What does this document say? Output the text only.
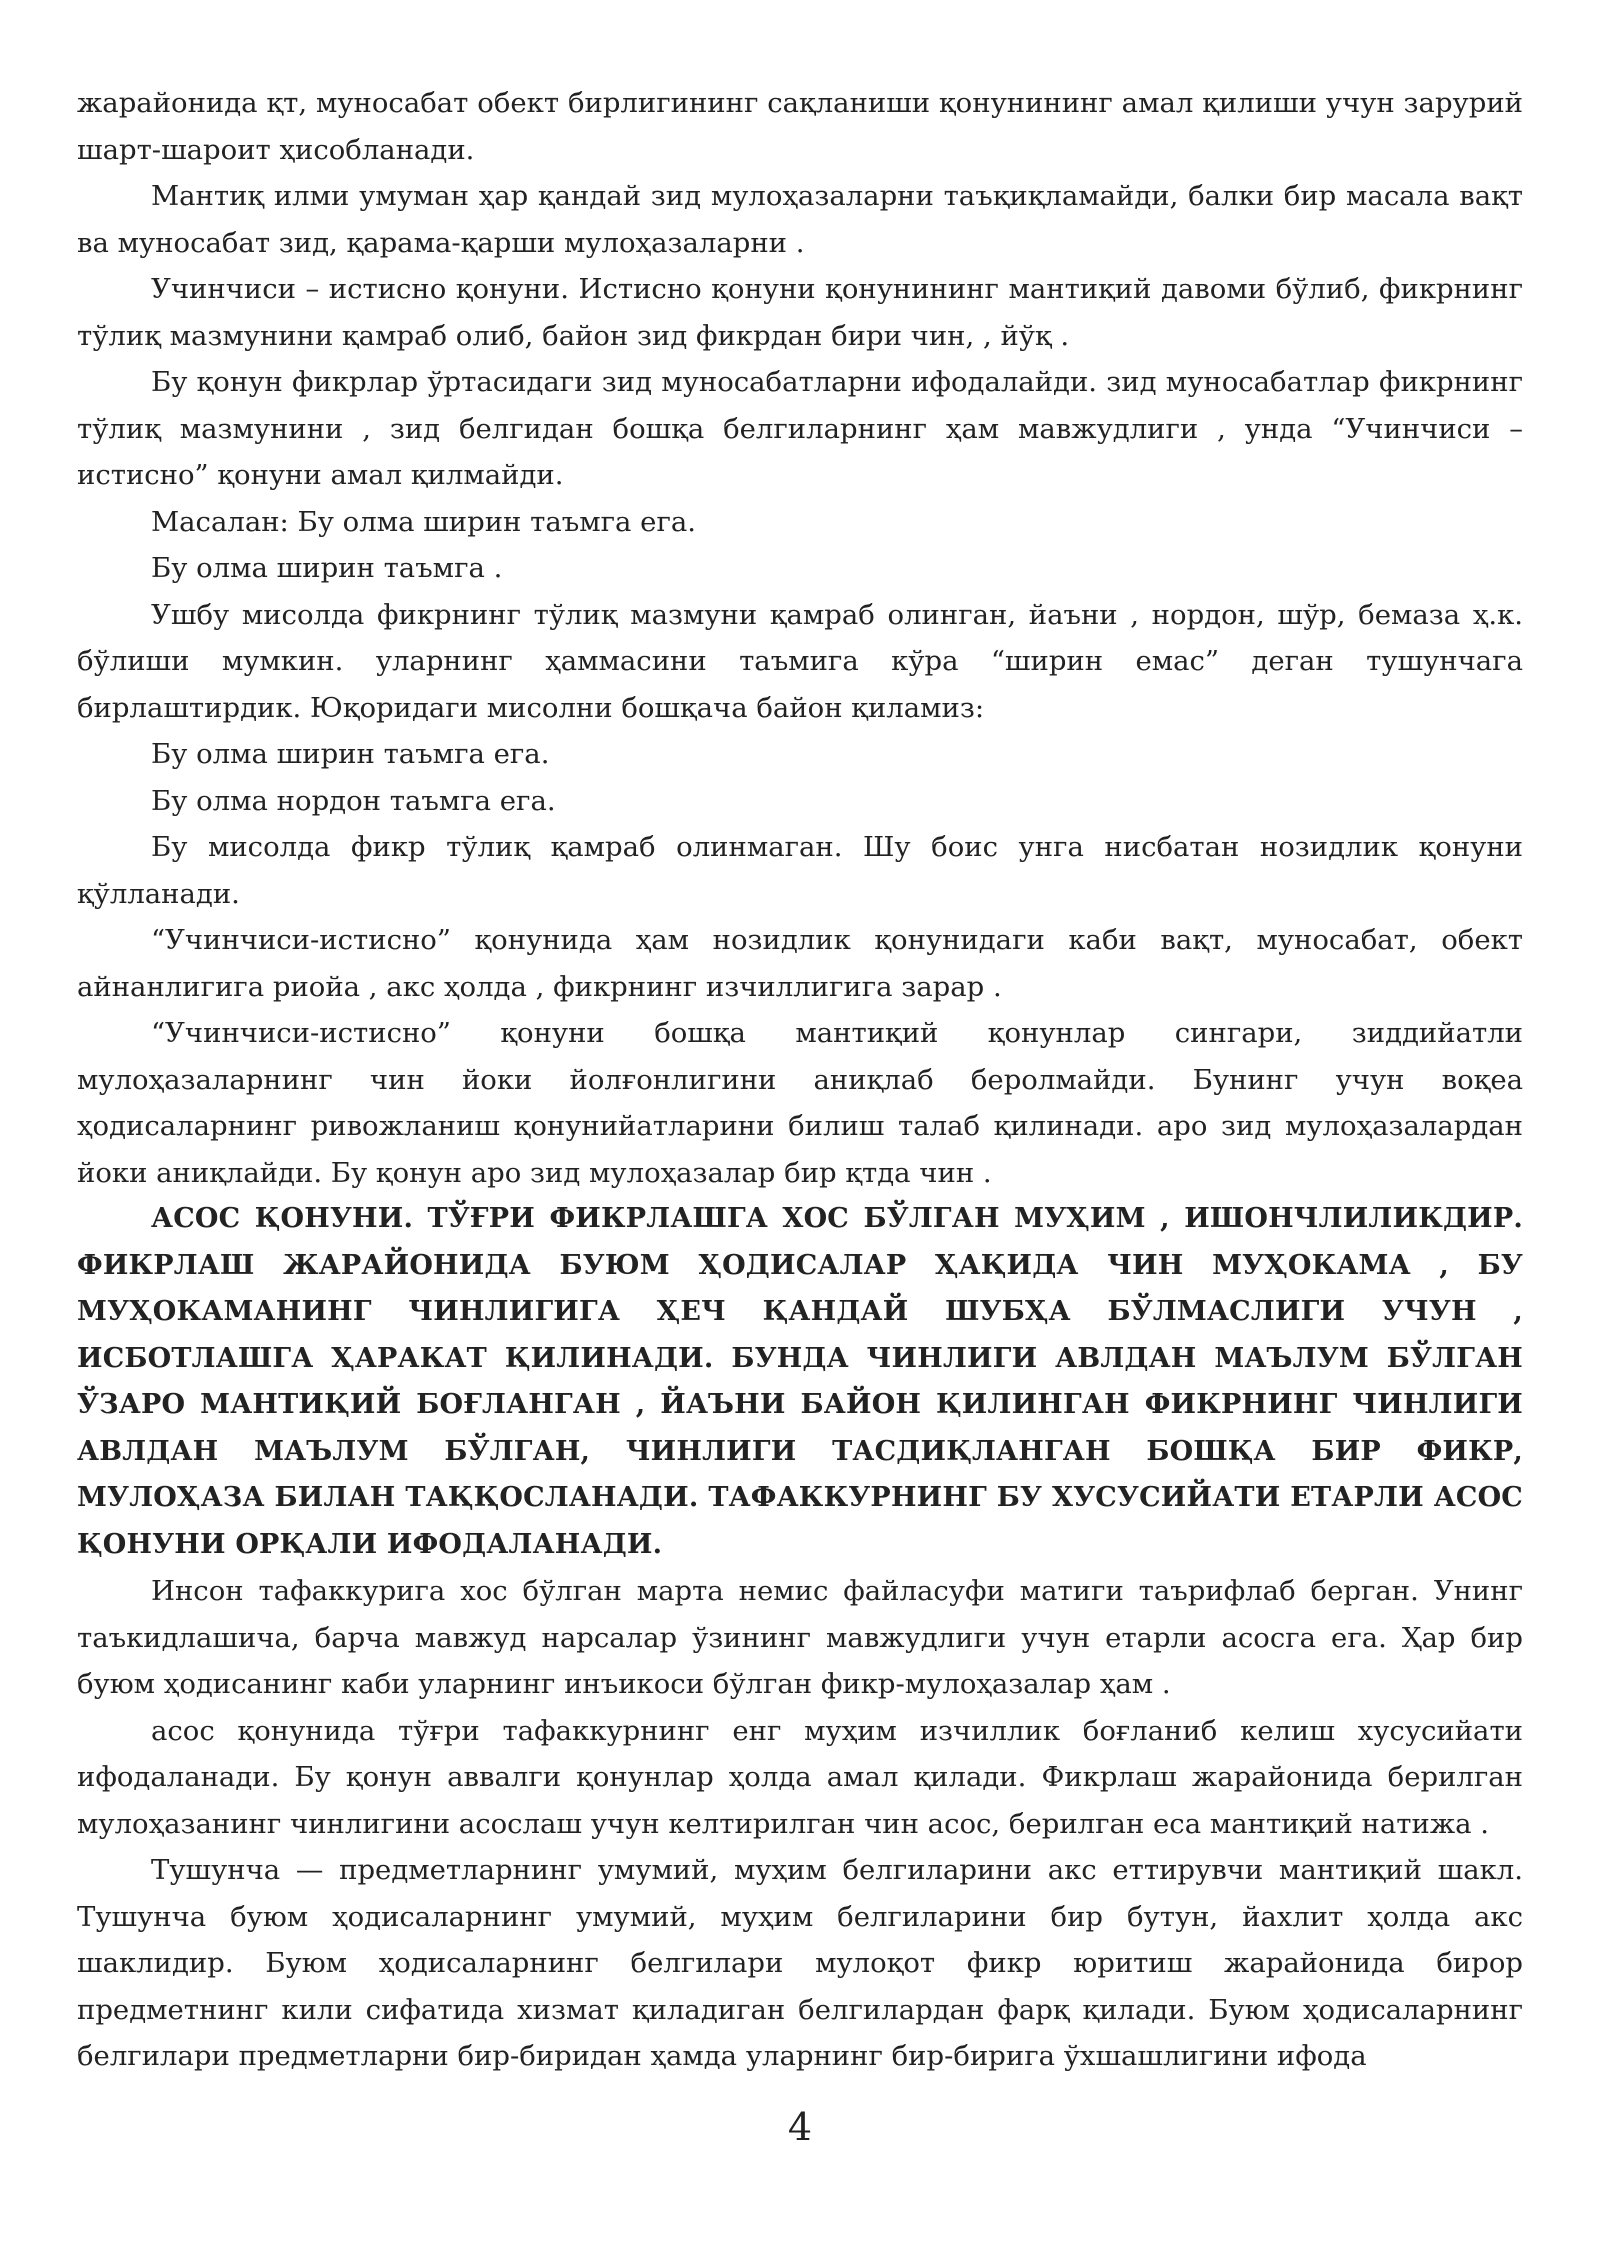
жарайонида қт, муносабат обект бирлигининг сақланиши қонунининг амал қилиши учун зарурий шарт-шароит ҳисобланади.

Мантиқ илми умуман ҳар қандай зид мулоҳазаларни таъқиқламайди, балки бир масала вақт ва муносабат зид, қарама-қарши мулоҳазаларни .

Учинчиси – истисно қонуни. Истисно қонуни қонунининг мантиқий давоми бўлиб, фикрнинг тўлиқ мазмунини қамраб олиб, байон зид фикрдан бири чин, , йўқ .

Бу қонун фикрлар ўртасидаги зид муносабатларни ифодалайди. зид муносабатлар фикрнинг тўлиқ мазмунини , зид белгидан бошқа белгиларнинг ҳам мавжудлиги , унда “Учинчиси – истисно” қонуни амал қилмайди.

Масалан: Бу олма ширин таъмга ега.

Бу олма ширин таъмга .

Ушбу мисолда фикрнинг тўлиқ мазмуни қамраб олинган, йаъни , нордон, шўр, бемаза ҳ.к. бўлиши мумкин. уларнинг ҳаммасини таъмига кўра “ширин емас” деган тушунчага бирлаштирдик. Юқоридаги мисолни бошқача байон қиламиз:

Бу олма ширин таъмга ега.

Бу олма нордон таъмга ега.

Бу мисолда фикр тўлиқ қамраб олинмаган. Шу боис унга нисбатан нозидлик қонуни қўлланади.

“Учинчиси-истисно” қонунида ҳам нозидлик қонунидаги каби вақт, муносабат, обект айнанлигига риойа , акс ҳолда , фикрнинг изчиллигига зарар .

“Учинчиси-истисно” қонуни бошқа мантиқий қонунлар сингари, зиддийатли мулоҳазаларнинг чин йоки йолғонлигини аниқлаб беролмайди. Бунинг учун воқеа ҳодисаларнинг ривожланиш қонунийатларини билиш талаб қилинади. аро зид мулоҳазалардан йоки аниқлайди. Бу қонун аро зид мулоҳазалар бир қтда чин .

АСОС ҚОНУНИ. ТЎҒРИ ФИКРЛАШГА ХОС БЎЛГАН МУҲИМ , ИШОНЧЛИЛИКДИР. ФИКРЛАШ ЖАРАЙОНИДА БУЮМ ҲОДИСАЛАР ҲАҚИДА ЧИН МУҲОКАМА , БУ МУҲОКАМАНИНГ ЧИНЛИГИГА ҲЕЧ ҚАНДАЙ ШУБҲА БЎЛМАСЛИГИ УЧУН , ИСБОТЛАШГА ҲАРАКАТ ҚИЛИНАДИ. БУНДА ЧИНЛИГИ АВЛДАН МАЪЛУМ БЎЛГАН ЎЗАРО МАНТИҚИЙ БОҒЛАНГАН , ЙАЪНИ БАЙОН ҚИЛИНГАН ФИКРНИНГ ЧИНЛИГИ АВЛДАН МАЪЛУМ БЎЛГАН, ЧИНЛИГИ ТАСДИҚЛАНГАН БОШҚА БИР ФИКР, МУЛОҲАЗА БИЛАН ТАҚҚОСЛАНАДИ. ТАФАККУРНИНГ БУ ХУСУСИЙАТИ ЕТАРЛИ АСОС ҚОНУНИ ОРҚАЛИ ИФОДАЛАНАДИ.

Инсон тафаккурига хос бўлган марта немис файласуфи матиги таърифлаб берган. Унинг таъкидлашича, барча мавжуд нарсалар ўзининг мавжудлиги учун етарли асосга ега. Ҳар бир буюм ҳодисанинг каби уларнинг инъикоси бўлган фикр-мулоҳазалар ҳам .

асос қонунида тўғри тафаккурнинг енг муҳим изчиллик боғланиб келиш хусусийати ифодаланади. Бу қонун аввалги қонунлар ҳолда амал қилади. Фикрлаш жарайонида берилган мулоҳазанинг чинлигини асослаш учун келтирилган чин асос, берилган еса мантиқий натижа .

Тушунча — предметларнинг умумий, муҳим белгиларини акс еттирувчи мантиқий шакл. Тушунча буюм ҳодисаларнинг умумий, муҳим белгиларини бир бутун, йахлит ҳолда акс шаклидир. Буюм ҳодисаларнинг белгилари мулоқот фикр юритиш жарайонида бирор предметнинг кили сифатида хизмат қиладиган белгилардан фарқ қилади. Буюм ҳодисаларнинг белгилари предметларни бир-биридан ҳамда уларнинг бир-бирига ўхшашлигини ифода

4
